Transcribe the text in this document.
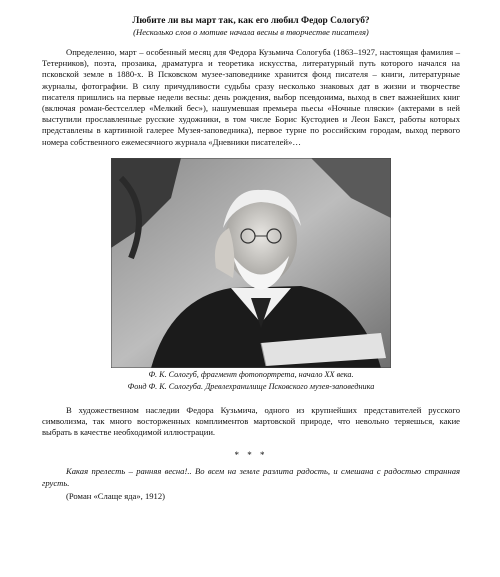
Любите ли вы март так, как его любил Федор Сологуб?

(Несколько слов о мотиве начала весны в творчестве писателя)

Определенно, март – особенный месяц для Федора Кузьмича Сологуба (1863–1927, настоящая фамилия – Тетерников), поэта, прозаика, драматурга и теоретика искусства, литературный путь которого начался на псковской земле в 1880-х. В Псковском музее-заповеднике хранится фонд писателя – книги, литературные журналы, фотографии. В силу причудливости судьбы сразу несколько знаковых дат в жизни и творчестве писателя пришлись на первые недели весны: день рождения, выбор псевдонима, выход в свет важнейших книг (включая роман-бестселлер «Мелкий бес»), нашумевшая премьера пьесы «Ночные пляски» (актерами в ней выступили прославленные русские художники, в том числе Борис Кустодиев и Леон Бакст, работы которых представлены в картинной галерее Музея-заповедника), первое турне по российским городам, выход первого номера собственного ежемесячного журнала «Дневники писателей»…

Ф. К. Сологуб, фрагмент фотопортрета, начало XX века.

Фонд Ф. К. Сологуба. Древлехранилище Псковского музея-заповедника

В художественном наследии Федора Кузьмича, одного из крупнейших представителей русского символизма, так много восторженных комплиментов мартовской природе, что невольно теряешься, какие выбрать в качестве необходимой иллюстрации.

* * *

Какая прелесть – ранняя весна!.. Во всем на земле разлита радость, и смешана с радостью странная грусть.

(Роман «Слаще яда», 1912)
